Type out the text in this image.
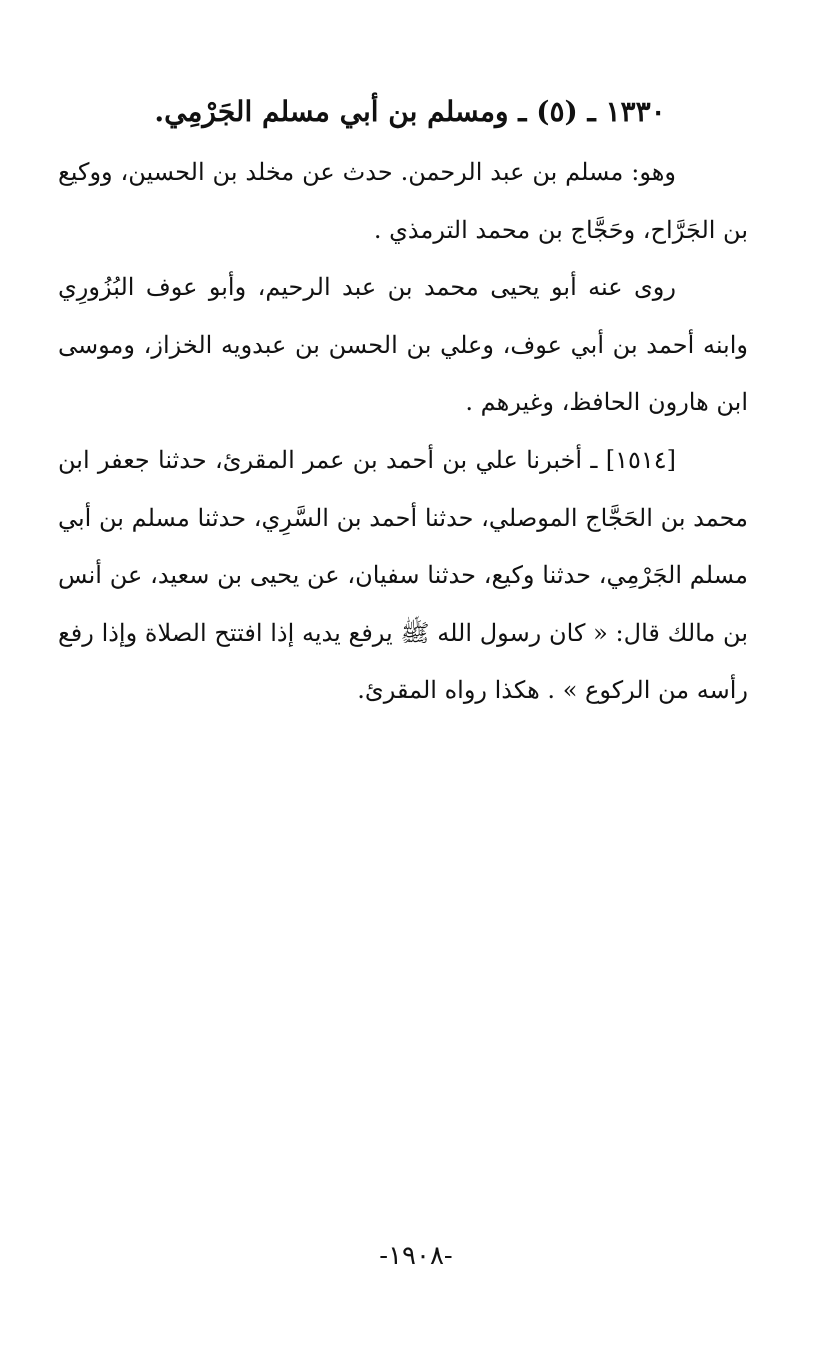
١٣٣٠ ـ (٥) ـ ومسلم بن أبي مسلم الجَرْمِي.

وهو: مسلم بن عبد الرحمن. حدث عن مخلد بن الحسين، ووكيع بن الجَرَّاح، وحَجَّاج بن محمد الترمذي .

روى عنه أبو يحيى محمد بن عبد الرحيم، وأبو عوف البُزُورِي وابنه أحمد بن أبي عوف، وعلي بن الحسن بن عبدويه الخزاز، وموسى ابن هارون الحافظ، وغيرهم .

[١٥١٤] ـ أخبرنا علي بن أحمد بن عمر المقرئ، حدثنا جعفر ابن محمد بن الحَجَّاج الموصلي، حدثنا أحمد بن السَّرِي، حدثنا مسلم بن أبي مسلم الجَرْمِي، حدثنا وكيع، حدثنا سفيان، عن يحيى بن سعيد، عن أنس بن مالك قال: « كان رسول الله ﷺ يرفع يديه إذا افتتح الصلاة وإذا رفع رأسه من الركوع » . هكذا رواه المقرئ.

-١٩٠٨-
